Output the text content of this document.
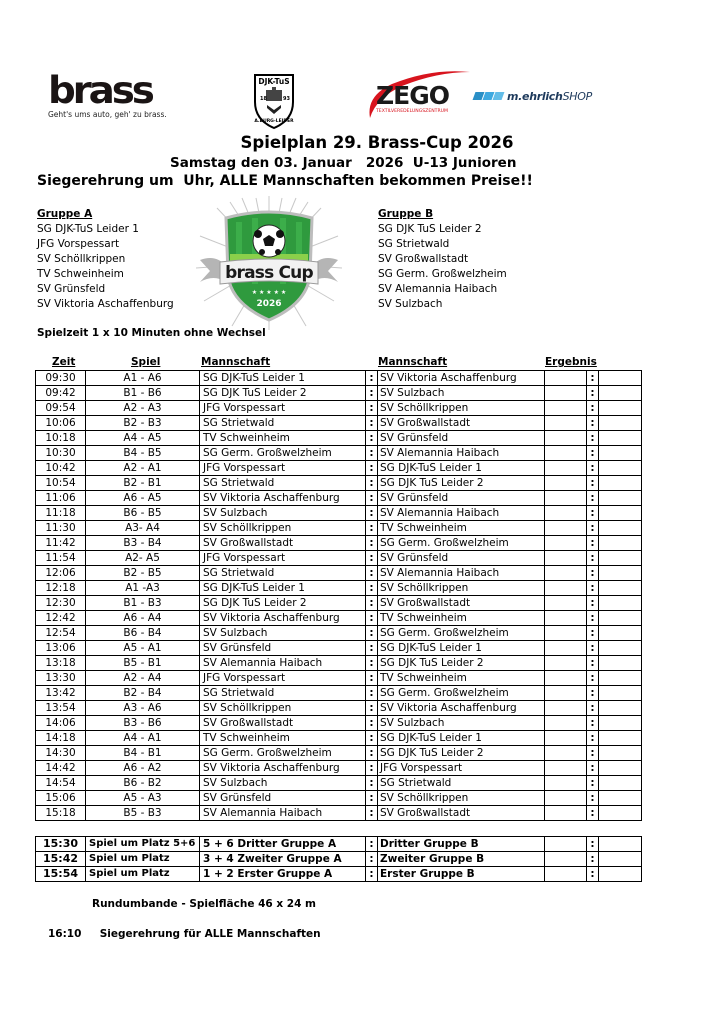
brass
Geht's ums auto, geh' zu brass.
DJK-TuS
18	93
A.BURG-LEIDER
ZEGO
TEXTILVEREDELUNGSZENTRUM
m.ehrlichSHOP
Spielplan 29. Brass-Cup 2026
Samstag den 03. Januar   2026  U-13 Junioren
Siegerehrung um  Uhr, ALLE Mannschaften bekommen Preise!!
Gruppe A
SG DJK-TuS Leider 1
JFG Vorspessart
SV Schöllkrippen
TV Schweinheim
SV Grünsfeld
SV Viktoria Aschaffenburg
Gruppe B
SG DJK TuS Leider 2
SG Strietwald
SV Großwallstadt
SG Germ. Großwelzheim
SV Alemannia Haibach
SV Sulzbach
brass Cup
★ ★ ★ ★ ★
2026
Spielzeit 1 x 10 Minuten ohne Wechsel
Zeit	Spiel	Mannschaft	Mannschaft	Ergebnis
09:30	A1 - A6	SG DJK-TuS Leider 1	:	SV Viktoria Aschaffenburg		:	
09:42	B1 - B6	SG DJK TuS Leider 2	:	SV Sulzbach		:	
09:54	A2 - A3	JFG Vorspessart	:	SV Schöllkrippen		:	
10:06	B2 - B3	SG Strietwald	:	SV Großwallstadt		:	
10:18	A4 - A5	TV Schweinheim	:	SV Grünsfeld		:	
10:30	B4 - B5	SG Germ. Großwelzheim	:	SV Alemannia Haibach		:	
10:42	A2 - A1	JFG Vorspessart	:	SG DJK-TuS Leider 1		:	
10:54	B2 - B1	SG Strietwald	:	SG DJK TuS Leider 2		:	
11:06	A6 - A5	SV Viktoria Aschaffenburg	:	SV Grünsfeld		:	
11:18	B6 - B5	SV Sulzbach	:	SV Alemannia Haibach		:	
11:30	A3- A4	SV Schöllkrippen	:	TV Schweinheim		:	
11:42	B3 - B4	SV Großwallstadt	:	SG Germ. Großwelzheim		:	
11:54	A2- A5	JFG Vorspessart	:	SV Grünsfeld		:	
12:06	B2 - B5	SG Strietwald	:	SV Alemannia Haibach		:	
12:18	A1 -A3	SG DJK-TuS Leider 1	:	SV Schöllkrippen		:	
12:30	B1 - B3	SG DJK TuS Leider 2	:	SV Großwallstadt		:	
12:42	A6 - A4	SV Viktoria Aschaffenburg	:	TV Schweinheim		:	
12:54	B6 - B4	SV Sulzbach	:	SG Germ. Großwelzheim		:	
13:06	A5 - A1	SV Grünsfeld	:	SG DJK-TuS Leider 1		:	
13:18	B5 - B1	SV Alemannia Haibach	:	SG DJK TuS Leider 2		:	
13:30	A2 - A4	JFG Vorspessart	:	TV Schweinheim		:	
13:42	B2 - B4	SG Strietwald	:	SG Germ. Großwelzheim		:	
13:54	A3 - A6	SV Schöllkrippen	:	SV Viktoria Aschaffenburg		:	
14:06	B3 - B6	SV Großwallstadt	:	SV Sulzbach		:	
14:18	A4 - A1	TV Schweinheim	:	SG DJK-TuS Leider 1		:	
14:30	B4 - B1	SG Germ. Großwelzheim	:	SG DJK TuS Leider 2		:	
14:42	A6 - A2	SV Viktoria Aschaffenburg	:	JFG Vorspessart		:	
14:54	B6 - B2	SV Sulzbach	:	SG Strietwald		:	
15:06	A5 - A3	SV Grünsfeld	:	SV Schöllkrippen		:	
15:18	B5 - B3	SV Alemannia Haibach	:	SV Großwallstadt		:	
15:30	Spiel um Platz 5+6	5 + 6 Dritter Gruppe A	:	Dritter Gruppe B		:	
15:42	Spiel um Platz	3 + 4 Zweiter Gruppe A	:	Zweiter Gruppe B		:	
15:54	Spiel um Platz	1 + 2 Erster Gruppe A	:	Erster Gruppe B		:	
Rundumbande - Spielfläche 46 x 24 m
16:10 Siegerehrung für ALLE Mannschaften
